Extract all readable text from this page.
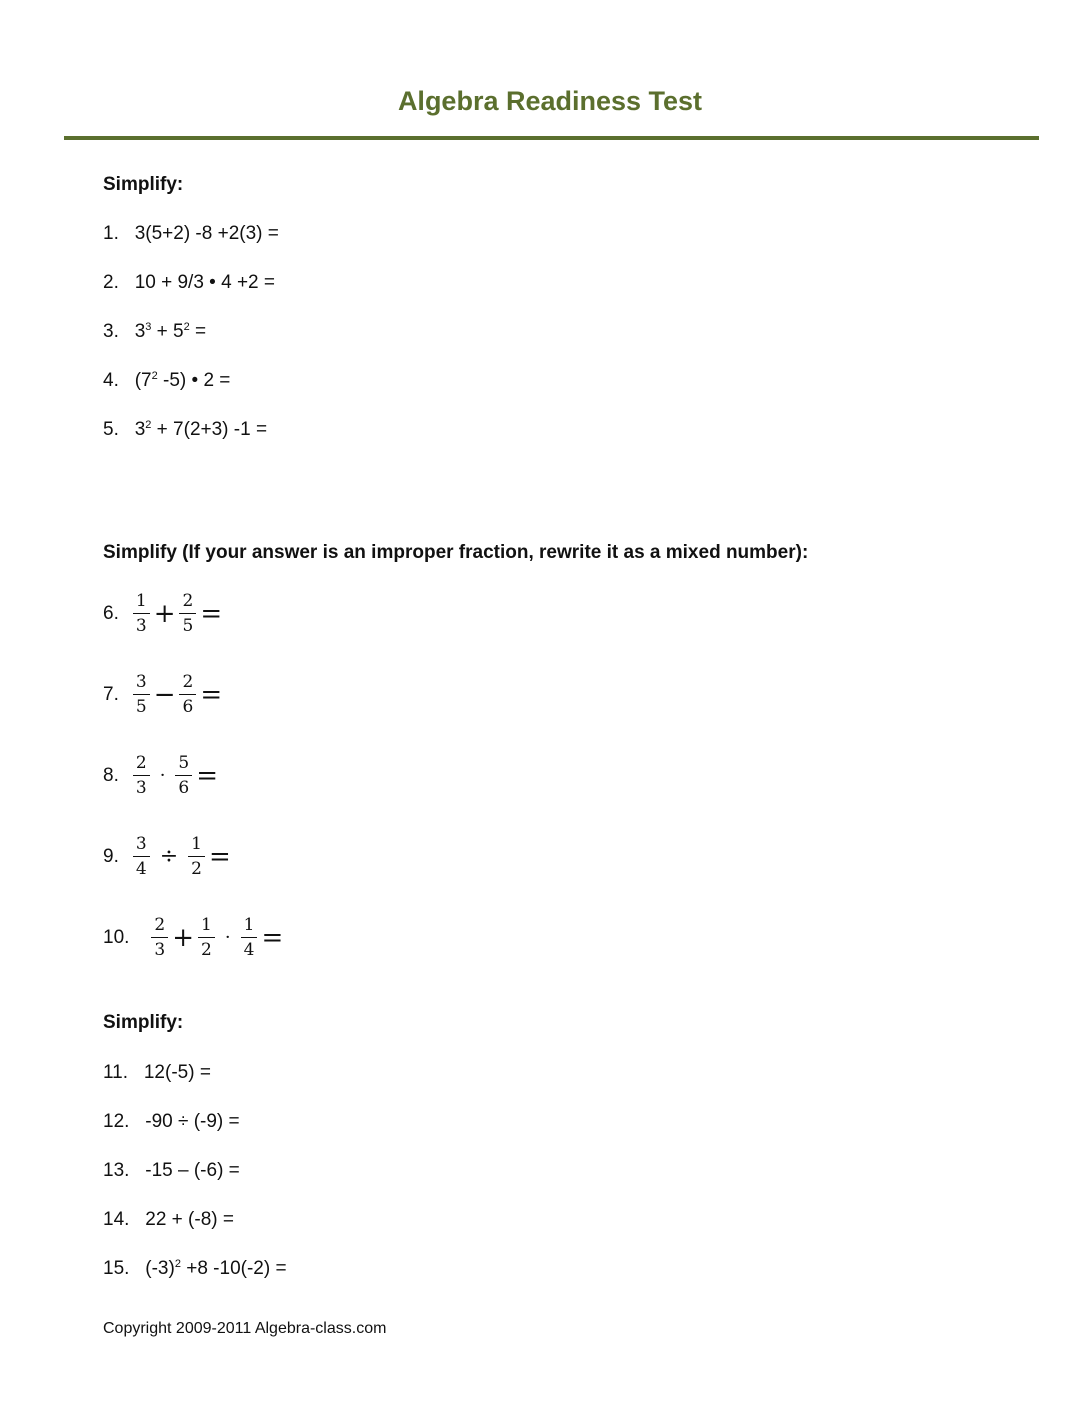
Algebra Readiness Test
Simplify:
1. 3(5+2) -8 +2(3) =
2. 10 + 9/3 • 4 +2 =
3. $3^3 + 5^2$ =
4. ($7^2$ -5) • 2 =
5. $3^2 + 7(2+3) -1$ =
Simplify (If your answer is an improper fraction, rewrite it as a mixed number):
6. $\frac{1}{3} + \frac{2}{5}$ =
7. $\frac{3}{5} - \frac{2}{6}$ =
8. $\frac{2}{3} \cdot \frac{5}{6}$ =
9. $\frac{3}{4} \div \frac{1}{2}$ =
10. $\frac{2}{3} + \frac{1}{2} \cdot \frac{1}{4}$ =
Simplify:
11. 12(-5) =
12. -90 ÷ (-9) =
13. -15 – (-6) =
14. 22 + (-8) =
15. $(-3)^2 +8$ -10(-2) =
Copyright 2009-2011 Algebra-class.com
